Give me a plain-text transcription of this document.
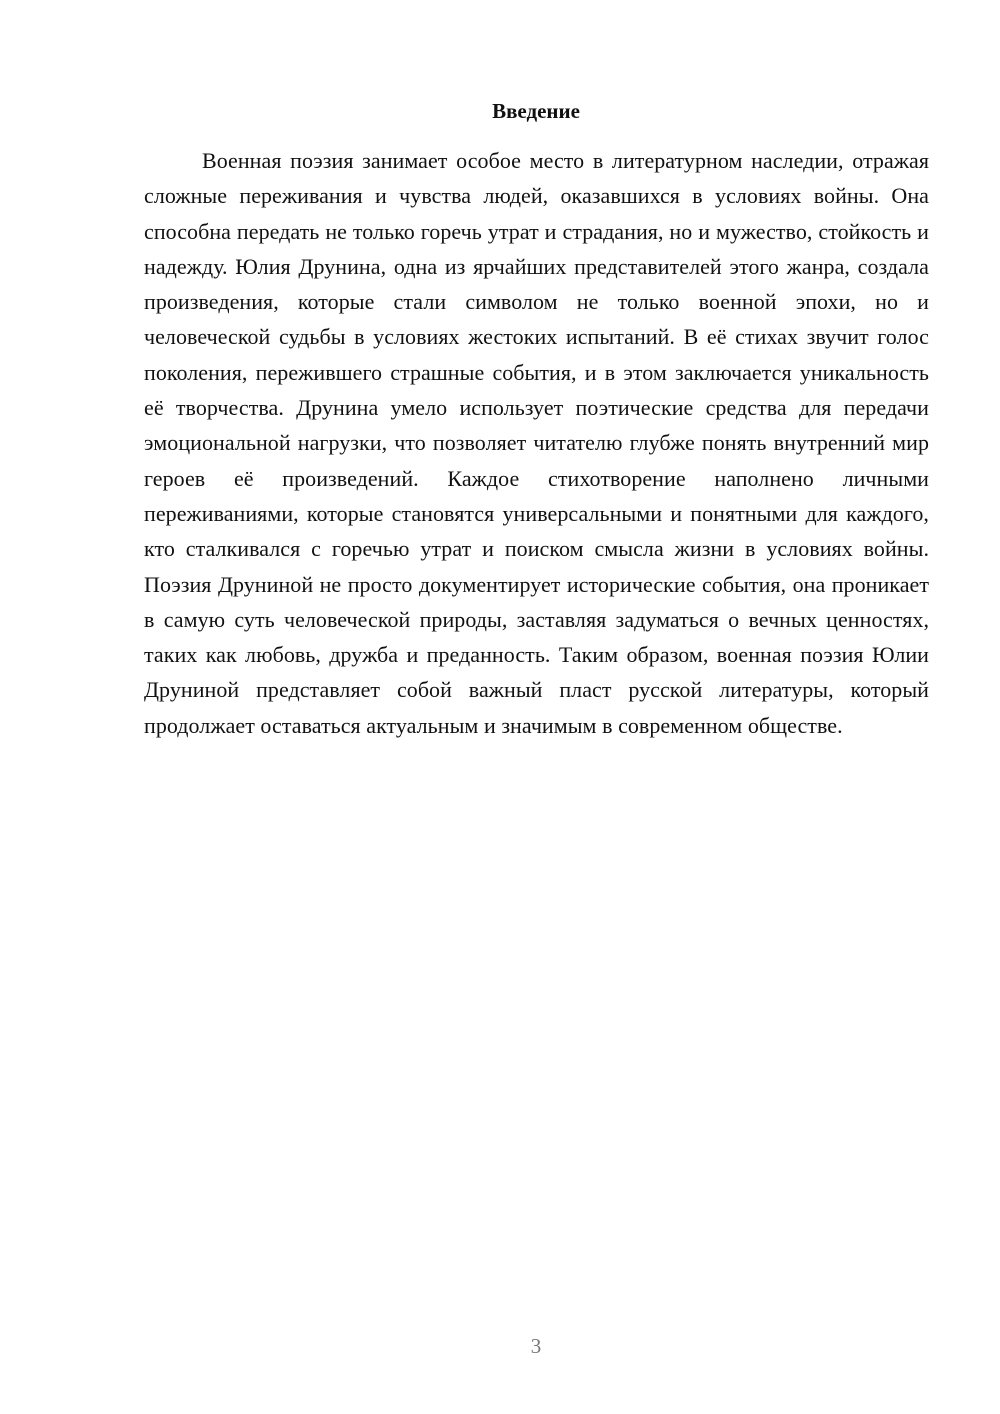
Введение

Военная поэзия занимает особое место в литературном наследии, отражая сложные переживания и чувства людей, оказавшихся в условиях войны. Она способна передать не только горечь утрат и страдания, но и мужество, стойкость и надежду. Юлия Друнина, одна из ярчайших представителей этого жанра, создала произведения, которые стали символом не только военной эпохи, но и человеческой судьбы в условиях жестоких испытаний. В её стихах звучит голос поколения, пережившего страшные события, и в этом заключается уникальность её творчества. Друнина умело использует поэтические средства для передачи эмоциональной нагрузки, что позволяет читателю глубже понять внутренний мир героев её произведений. Каждое стихотворение наполнено личными переживаниями, которые становятся универсальными и понятными для каждого, кто сталкивался с горечью утрат и поиском смысла жизни в условиях войны. Поэзия Друниной не просто документирует исторические события, она проникает в самую суть человеческой природы, заставляя задуматься о вечных ценностях, таких как любовь, дружба и преданность. Таким образом, военная поэзия Юлии Друниной представляет собой важный пласт русской литературы, который продолжает оставаться актуальным и значимым в современном обществе.

3
